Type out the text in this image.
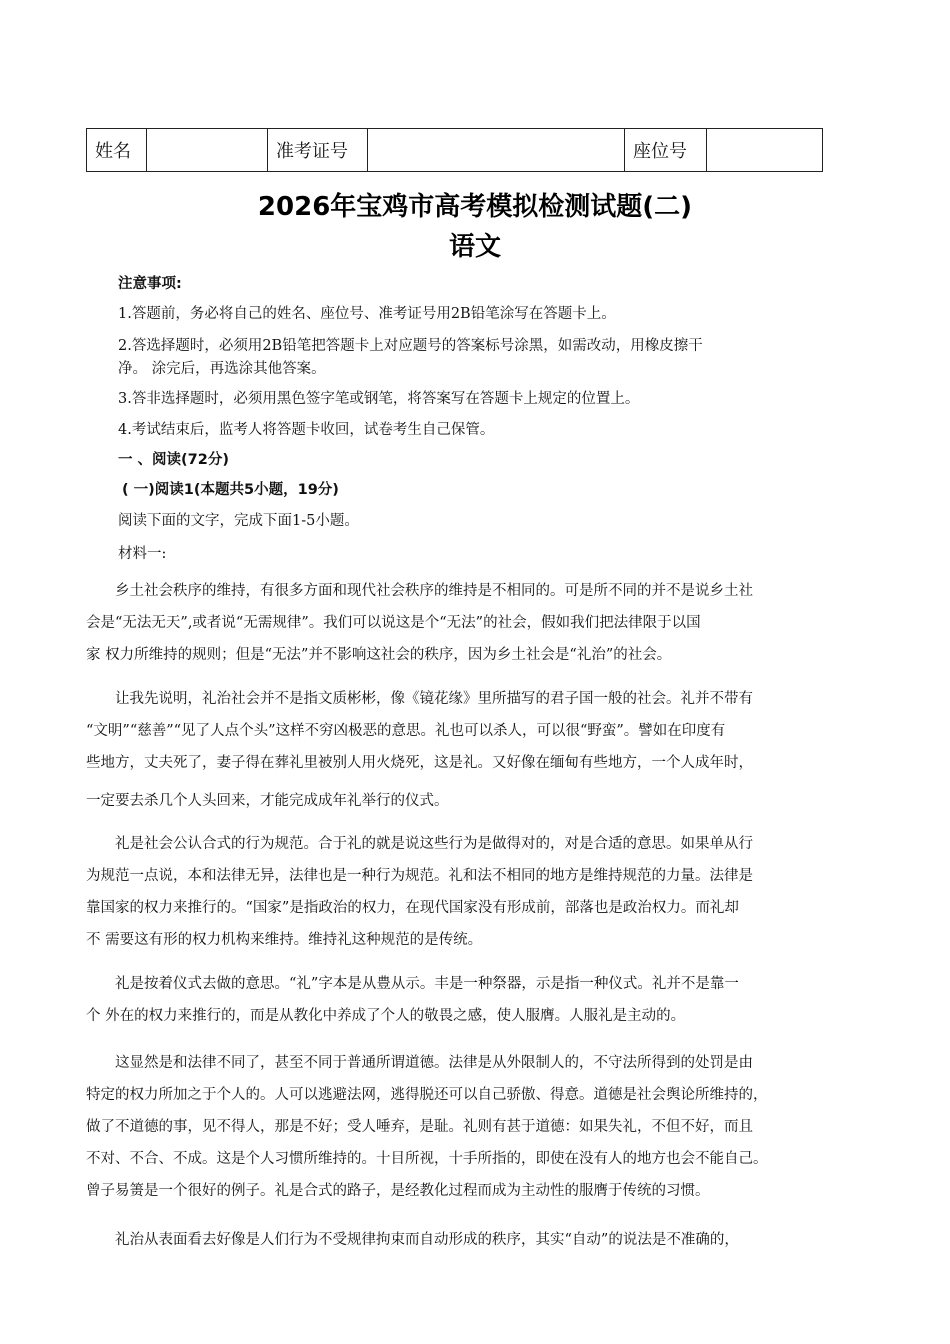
姓名		准考证号		座位号	
2026年宝鸡市高考模拟检测试题(二)
语文
注意事项:
1.答题前，务必将自己的姓名、座位号、准考证号用2B铅笔涂写在答题卡上。
2.答选择题时，必须用2B铅笔把答题卡上对应题号的答案标号涂黑，如需改动，用橡皮擦干
净。 涂完后，再选涂其他答案。
3.答非选择题时，必须用黑色签字笔或钢笔，将答案写在答题卡上规定的位置上。
4.考试结束后，监考人将答题卡收回，试卷考生自己保管。
一 、阅读(72分)
( 一)阅读1(本题共5小题，19分)
阅读下面的文字，完成下面1-5小题。
材料一:

乡土社会秩序的维持，有很多方面和现代社会秩序的维持是不相同的。可是所不同的并不是说乡土社

会是“无法无天”,或者说“无需规律”。我们可以说这是个“无法”的社会，假如我们把法律限于以国

家 权力所维持的规则；但是“无法”并不影响这社会的秩序，因为乡土社会是“礼治”的社会。

让我先说明，礼治社会并不是指文质彬彬，像《镜花缘》里所描写的君子国一般的社会。礼并不带有

“文明”“慈善”“见了人点个头”这样不穷凶极恶的意思。礼也可以杀人，可以很“野蛮”。譬如在印度有

些地方，丈夫死了，妻子得在葬礼里被别人用火烧死，这是礼。又好像在缅甸有些地方，一个人成年时，

一定要去杀几个人头回来，才能完成成年礼举行的仪式。

礼是社会公认合式的行为规范。合于礼的就是说这些行为是做得对的，对是合适的意思。如果单从行

为规范一点说，本和法律无异，法律也是一种行为规范。礼和法不相同的地方是维持规范的力量。法律是

靠国家的权力来推行的。“国家”是指政治的权力，在现代国家没有形成前，部落也是政治权力。而礼却

不 需要这有形的权力机构来维持。维持礼这种规范的是传统。

礼是按着仪式去做的意思。“礼”字本是从豊从示。丰是一种祭器，示是指一种仪式。礼并不是靠一

个 外在的权力来推行的，而是从教化中养成了个人的敬畏之感，使人服膺。人服礼是主动的。

这显然是和法律不同了，甚至不同于普通所谓道德。法律是从外限制人的，不守法所得到的处罚是由

特定的权力所加之于个人的。人可以逃避法网，逃得脱还可以自己骄傲、得意。道德是社会舆论所维持的，

做了不道德的事，见不得人，那是不好；受人唾弃，是耻。礼则有甚于道德：如果失礼，不但不好，而且

不对、不合、不成。这是个人习惯所维持的。十目所视，十手所指的，即使在没有人的地方也会不能自己。

曾子易箦是一个很好的例子。礼是合式的路子，是经教化过程而成为主动性的服膺于传统的习惯。

礼治从表面看去好像是人们行为不受规律拘束而自动形成的秩序，其实“自动”的说法是不准确的，
